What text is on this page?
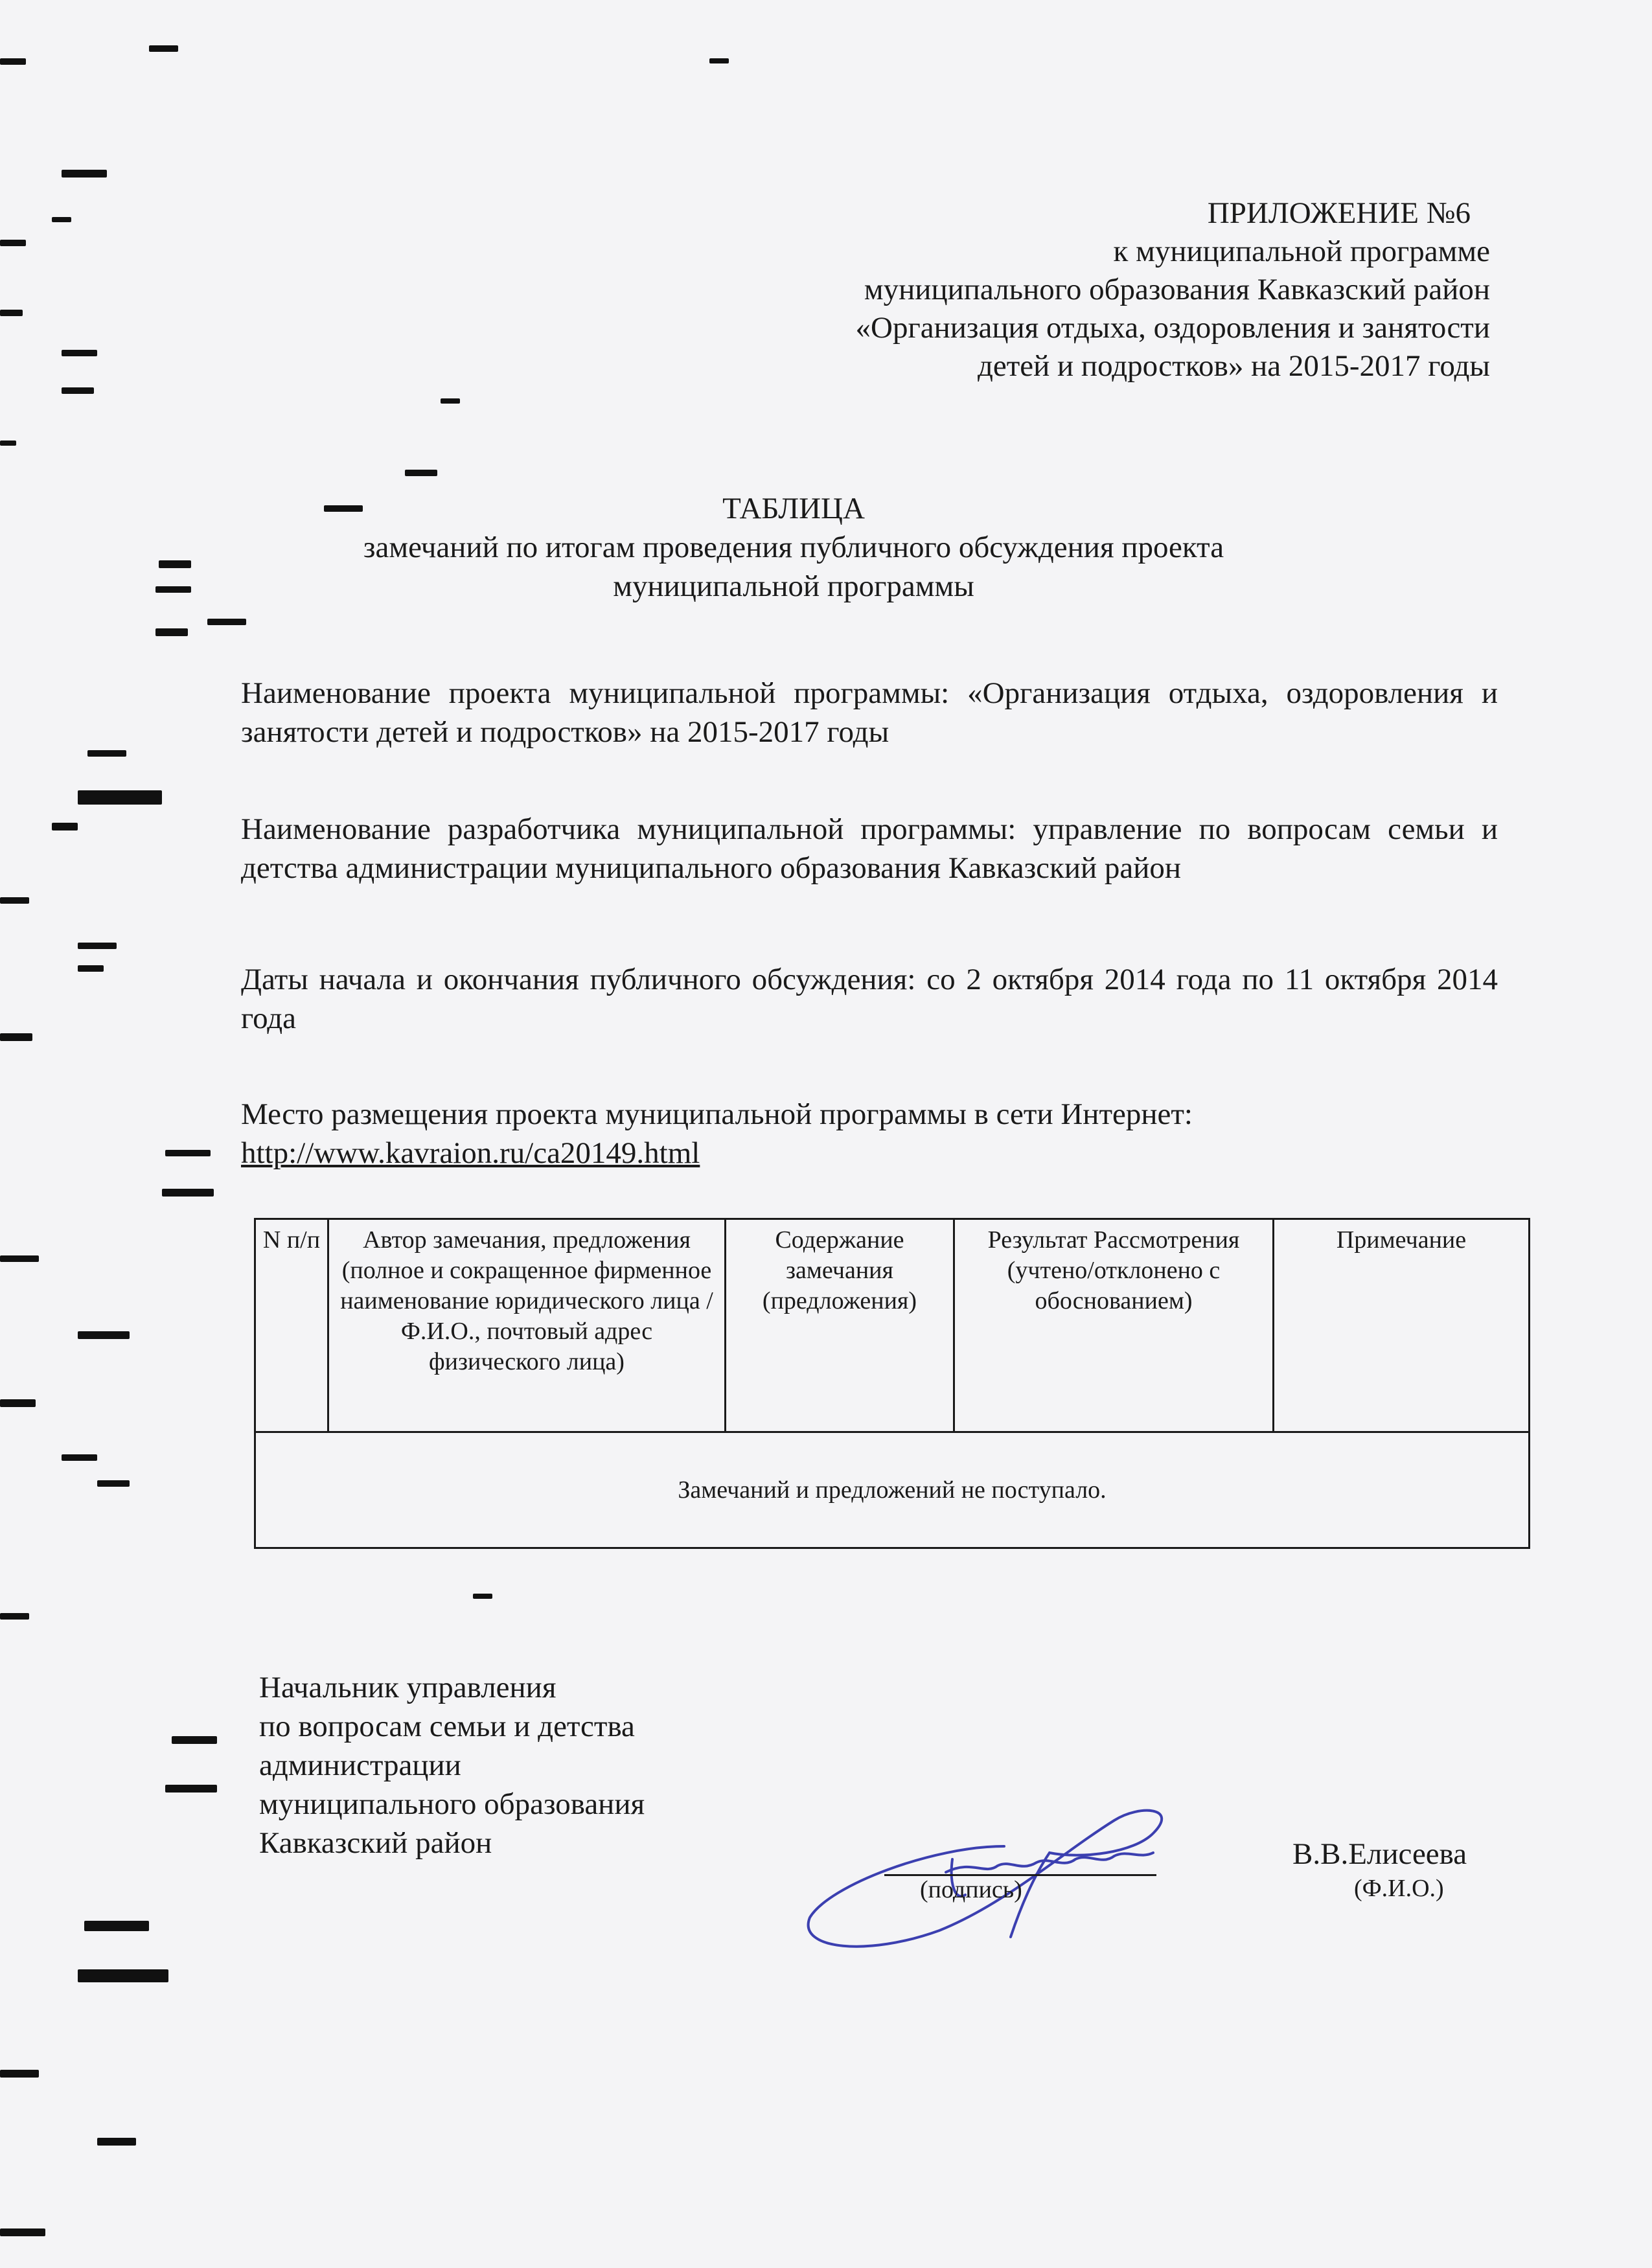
ПРИЛОЖЕНИЕ №6
к муниципальной программе
муниципального образования Кавказский район
«Организация отдыха, оздоровления и занятости
детей и подростков» на 2015-2017 годы
ТАБЛИЦА
замечаний по итогам проведения публичного обсуждения проекта
муниципальной программы
Наименование проекта муниципальной программы: «Организация отдыха, оздоровления и занятости детей и подростков» на 2015-2017 годы
Наименование разработчика муниципальной программы: управление по вопросам семьи и детства администрации муниципального образования Кавказский район
Даты начала и окончания публичного обсуждения: со 2 октября 2014 года по 11 октября 2014 года
Место размещения проекта муниципальной программы в сети Интернет:
http://www.kavraion.ru/ca20149.html
N п/п	Автор замечания, предложения (полное и сокращенное фирменное наименование юридического лица / Ф.И.О., почтовый адрес физического лица)	Содержание замечания (предложения)	Результат Рассмотрения (учтено/отклонено с обоснованием)	Примечание
Замечаний и предложений не поступало.
Начальник управления
по вопросам семьи и детства
администрации
муниципального образования
Кавказский район
(подпись)
В.В.Елисеева
(Ф.И.О.)
